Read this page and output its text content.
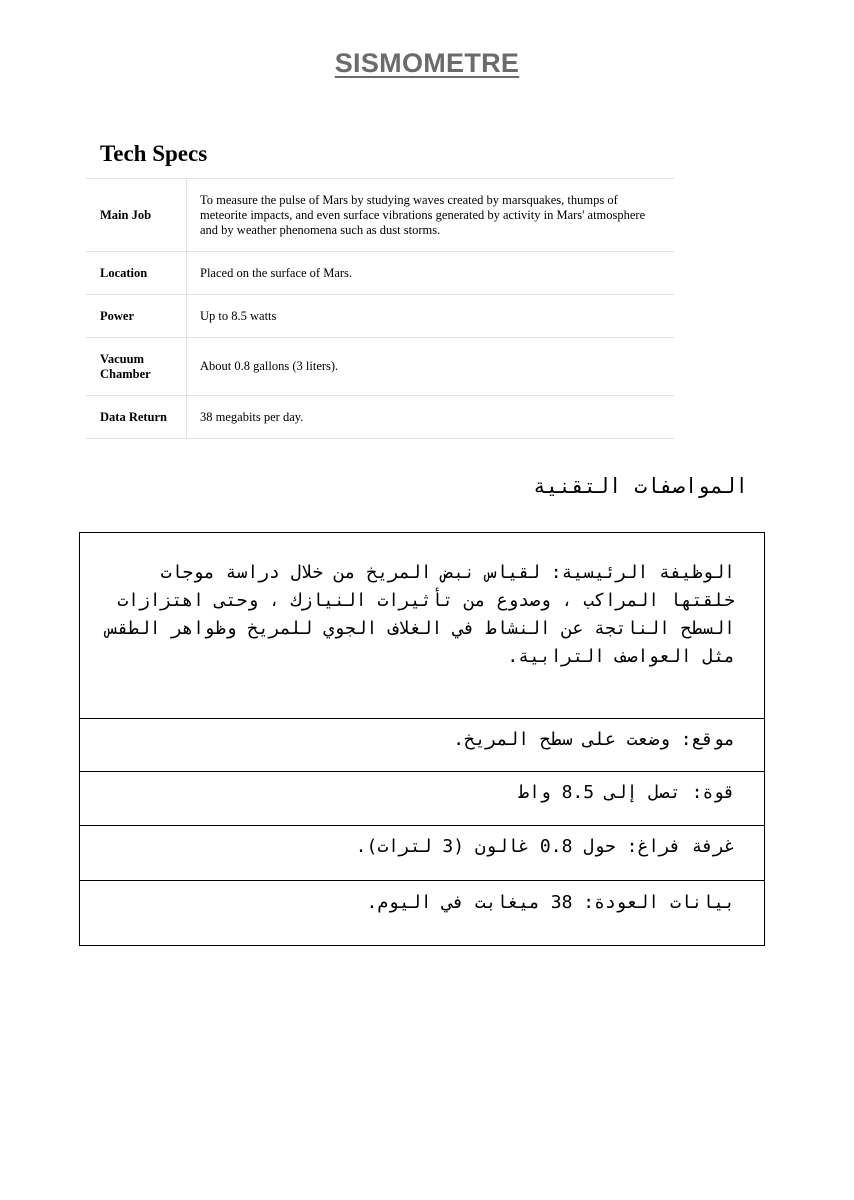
SISMOMETRE
Tech Specs
Main Job	To measure the pulse of Mars by studying waves created by marsquakes, thumps of meteorite impacts, and even surface vibrations generated by activity in Mars' atmosphere and by weather phenomena such as dust storms.
Location	Placed on the surface of Mars.
Power	Up to 8.5 watts
Vacuum Chamber	About 0.8 gallons (3 liters).
Data Return	38 megabits per day.
المواصفات التقنية
الوظيفة الرئيسية: لقياس نبض المريخ من خلال دراسة موجات خلقتها المراكب ، وصدوع من تأثيرات النيازك ، وحتى اهتزازات السطح الناتجة عن النشاط في الغلاف الجوي للمريخ وظواهر الطقس مثل العواصف الترابية.
موقع: وضعت على سطح المريخ.
قوة: تصل إلى 8.5 واط
غرفة فراغ: حول 0.8 غالون (3 لترات).
بيانات العودة: 38 ميغابت في اليوم.
